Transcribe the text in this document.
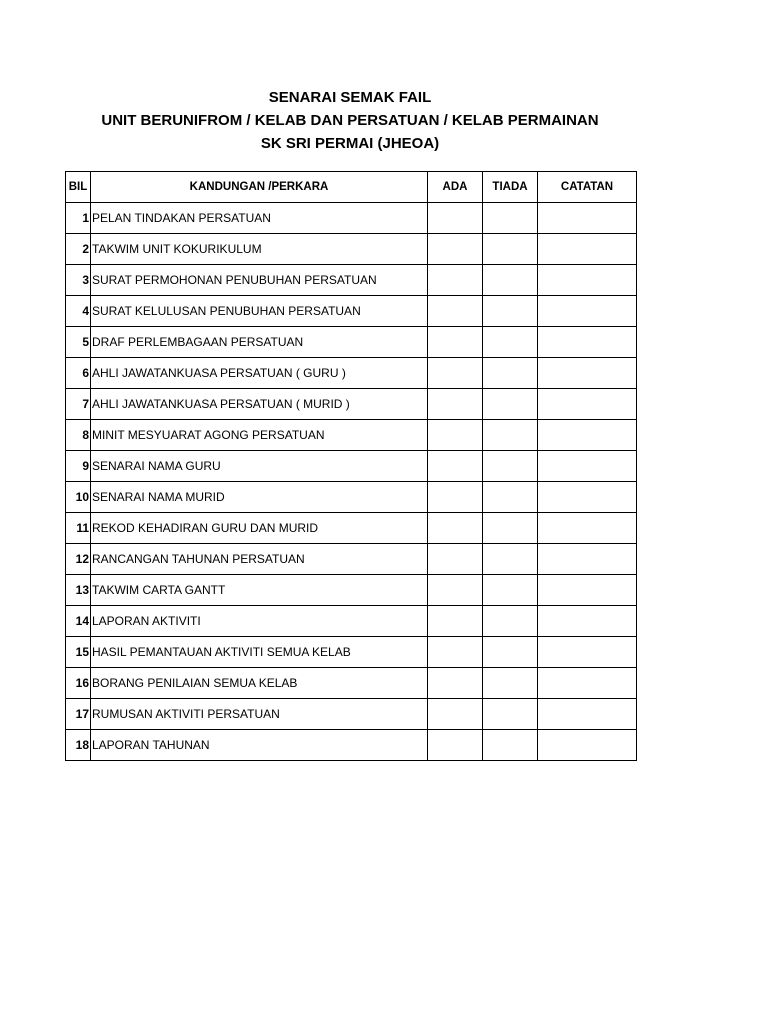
SENARAI SEMAK FAIL
UNIT BERUNIFROM / KELAB DAN PERSATUAN / KELAB PERMAINAN
SK SRI PERMAI (JHEOA)
BIL	KANDUNGAN /PERKARA	ADA	TIADA	CATATAN
1	PELAN TINDAKAN PERSATUAN			
2	TAKWIM UNIT KOKURIKULUM			
3	SURAT PERMOHONAN PENUBUHAN PERSATUAN			
4	SURAT KELULUSAN PENUBUHAN PERSATUAN			
5	DRAF PERLEMBAGAAN PERSATUAN			
6	AHLI JAWATANKUASA PERSATUAN ( GURU )			
7	AHLI JAWATANKUASA PERSATUAN ( MURID )			
8	MINIT MESYUARAT AGONG PERSATUAN			
9	SENARAI NAMA GURU			
10	SENARAI NAMA MURID			
11	REKOD KEHADIRAN GURU DAN MURID			
12	RANCANGAN TAHUNAN PERSATUAN			
13	TAKWIM CARTA GANTT			
14	LAPORAN AKTIVITI			
15	HASIL PEMANTAUAN AKTIVITI SEMUA KELAB			
16	BORANG PENILAIAN SEMUA KELAB			
17	RUMUSAN AKTIVITI PERSATUAN			
18	LAPORAN TAHUNAN			
